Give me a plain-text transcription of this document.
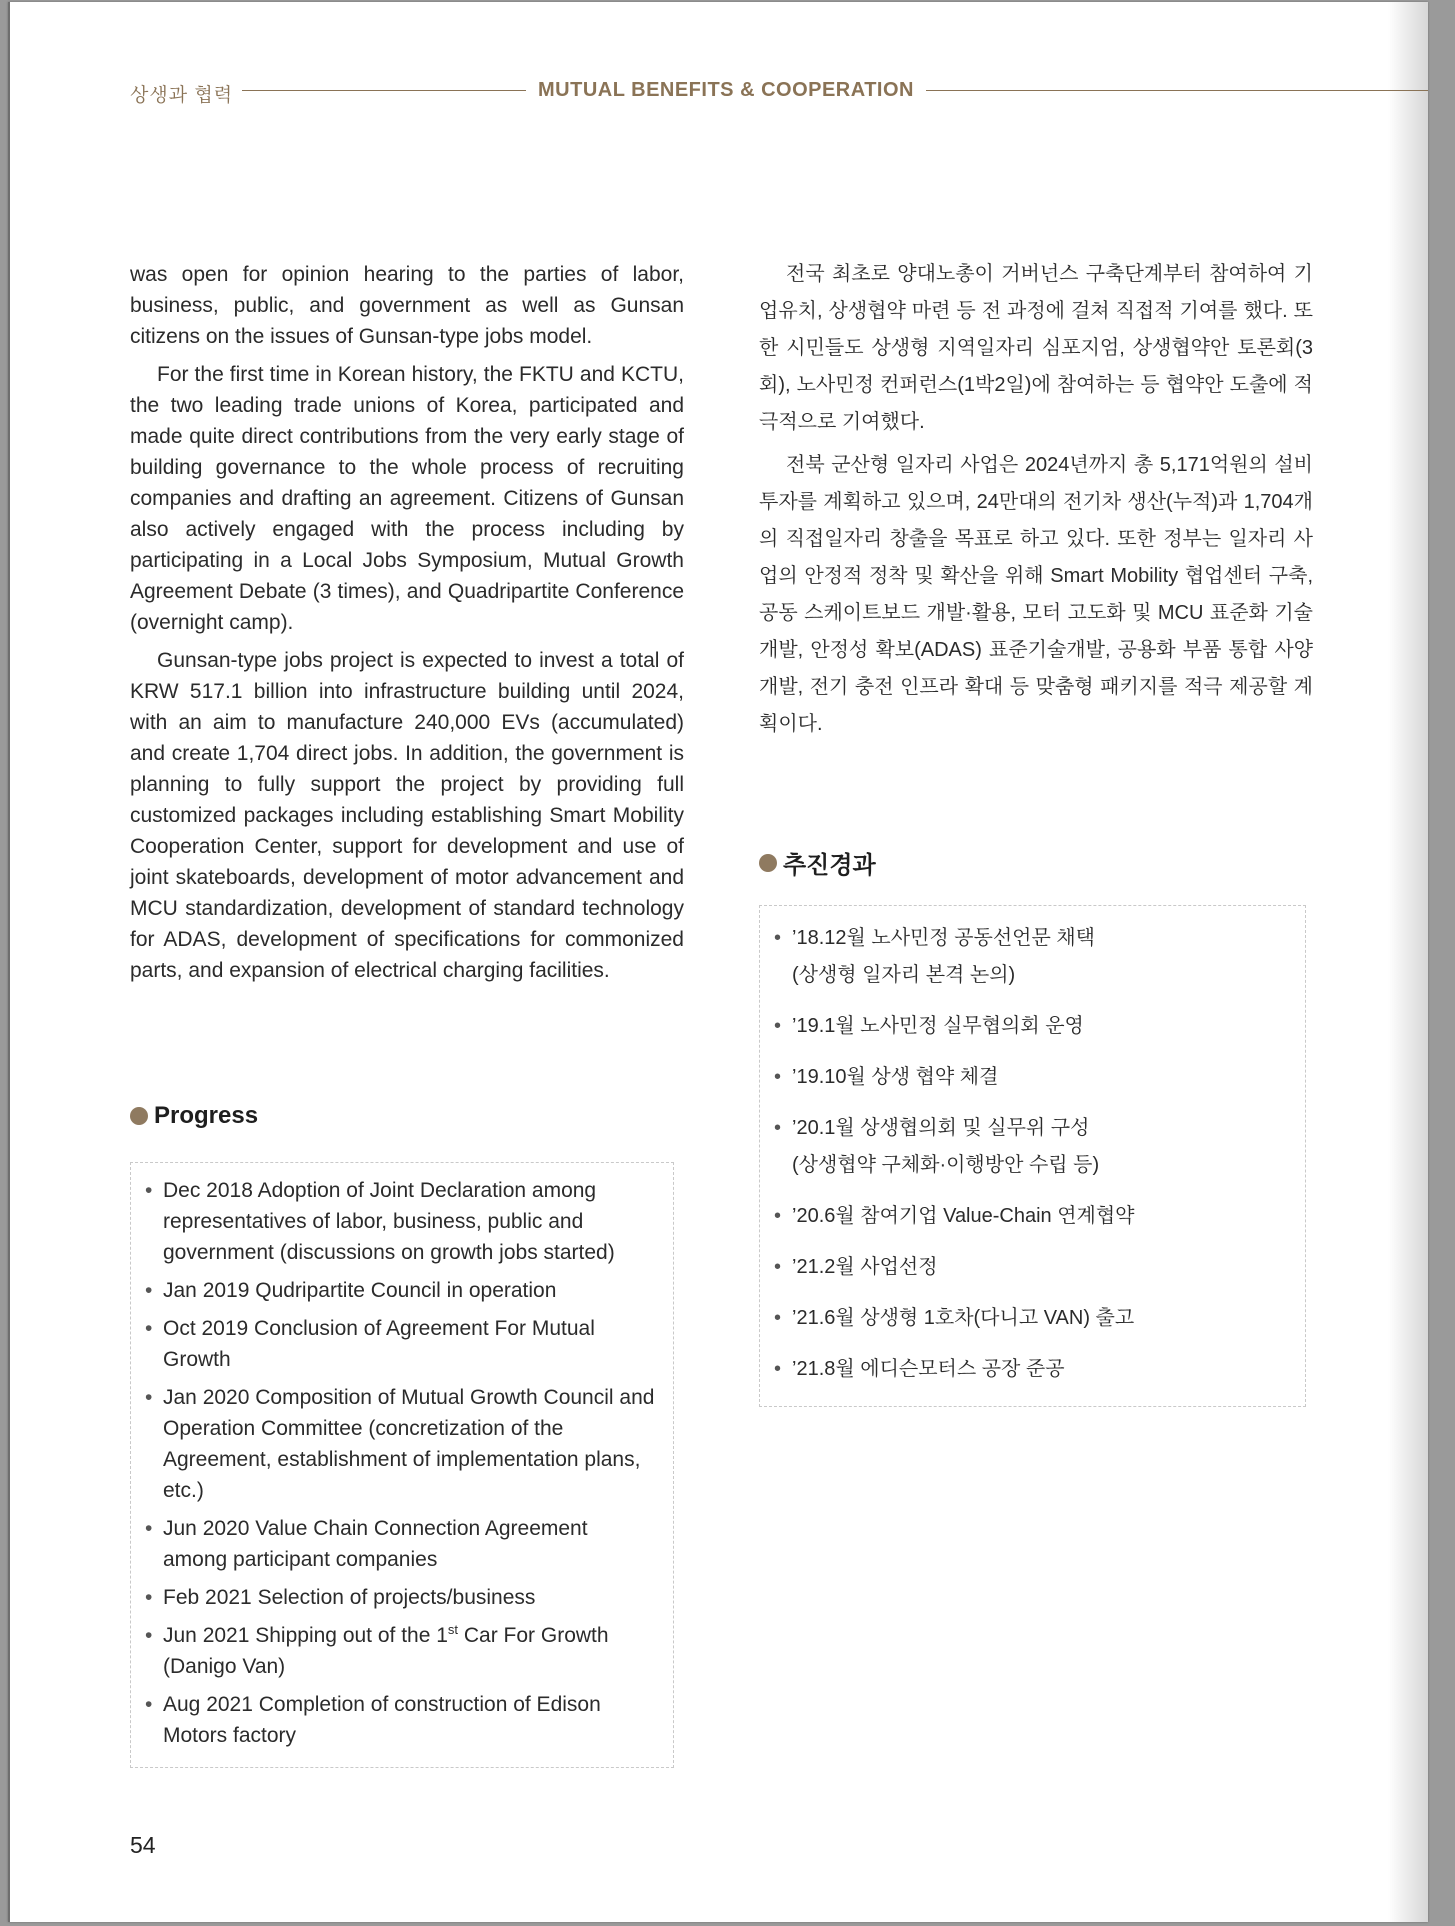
상생과 협력	MUTUAL BENEFITS & COOPERATION

was open for opinion hearing to the parties of labor, business, public, and government as well as Gunsan citizens on the issues of Gunsan-type jobs model.

For the first time in Korean history, the FKTU and KCTU, the two leading trade unions of Korea, participated and made quite direct contributions from the very early stage of building governance to the whole process of recruiting companies and drafting an agreement. Citizens of Gunsan also actively engaged with the process including by participating in a Local Jobs Symposium, Mutual Growth Agreement Debate (3 times), and Quadripartite Conference (overnight camp).

Gunsan-type jobs project is expected to invest a total of KRW 517.1 billion into infrastructure building until 2024, with an aim to manufacture 240,000 EVs (accumulated) and create 1,704 direct jobs. In addition, the government is planning to fully support the project by providing full customized packages including establishing Smart Mobility Cooperation Center, support for development and use of joint skateboards, development of motor advancement and MCU standardization, development of standard technology for ADAS, development of specifications for commonized parts, and expansion of electrical charging facilities.

Progress
• Dec 2018 Adoption of Joint Declaration among representatives of labor, business, public and government (discussions on growth jobs started)
• Jan 2019 Qudripartite Council in operation
• Oct 2019 Conclusion of Agreement For Mutual Growth
• Jan 2020 Composition of Mutual Growth Council and Operation Committee (concretization of the Agreement, establishment of implementation plans, etc.)
• Jun 2020 Value Chain Connection Agreement among participant companies
• Feb 2021 Selection of projects/business
• Jun 2021 Shipping out of the 1st Car For Growth (Danigo Van)
• Aug 2021 Completion of construction of Edison Motors factory

전국 최초로 양대노총이 거버넌스 구축단계부터 참여하여 기업유치, 상생협약 마련 등 전 과정에 걸쳐 직접적 기여를 했다. 또한 시민들도 상생형 지역일자리 심포지엄, 상생협약안 토론회(3회), 노사민정 컨퍼런스(1박2일)에 참여하는 등 협약안 도출에 적극적으로 기여했다.

전북 군산형 일자리 사업은 2024년까지 총 5,171억원의 설비투자를 계획하고 있으며, 24만대의 전기차 생산(누적)과 1,704개의 직접일자리 창출을 목표로 하고 있다. 또한 정부는 일자리 사업의 안정적 정착 및 확산을 위해 Smart Mobility 협업센터 구축, 공동 스케이트보드 개발·활용, 모터 고도화 및 MCU 표준화 기술개발, 안정성 확보(ADAS) 표준기술개발, 공용화 부품 통합 사양 개발, 전기 충전 인프라 확대 등 맞춤형 패키지를 적극 제공할 계획이다.

추진경과
• ’18.12월 노사민정 공동선언문 채택
(상생형 일자리 본격 논의)
• ’19.1월 노사민정 실무협의회 운영
• ’19.10월 상생 협약 체결
• ’20.1월 상생협의회 및 실무위 구성
(상생협약 구체화·이행방안 수립 등)
• ’20.6월 참여기업 Value-Chain 연계협약
• ’21.2월 사업선정
• ’21.6월 상생형 1호차(다니고 VAN) 출고
• ’21.8월 에디슨모터스 공장 준공
54
